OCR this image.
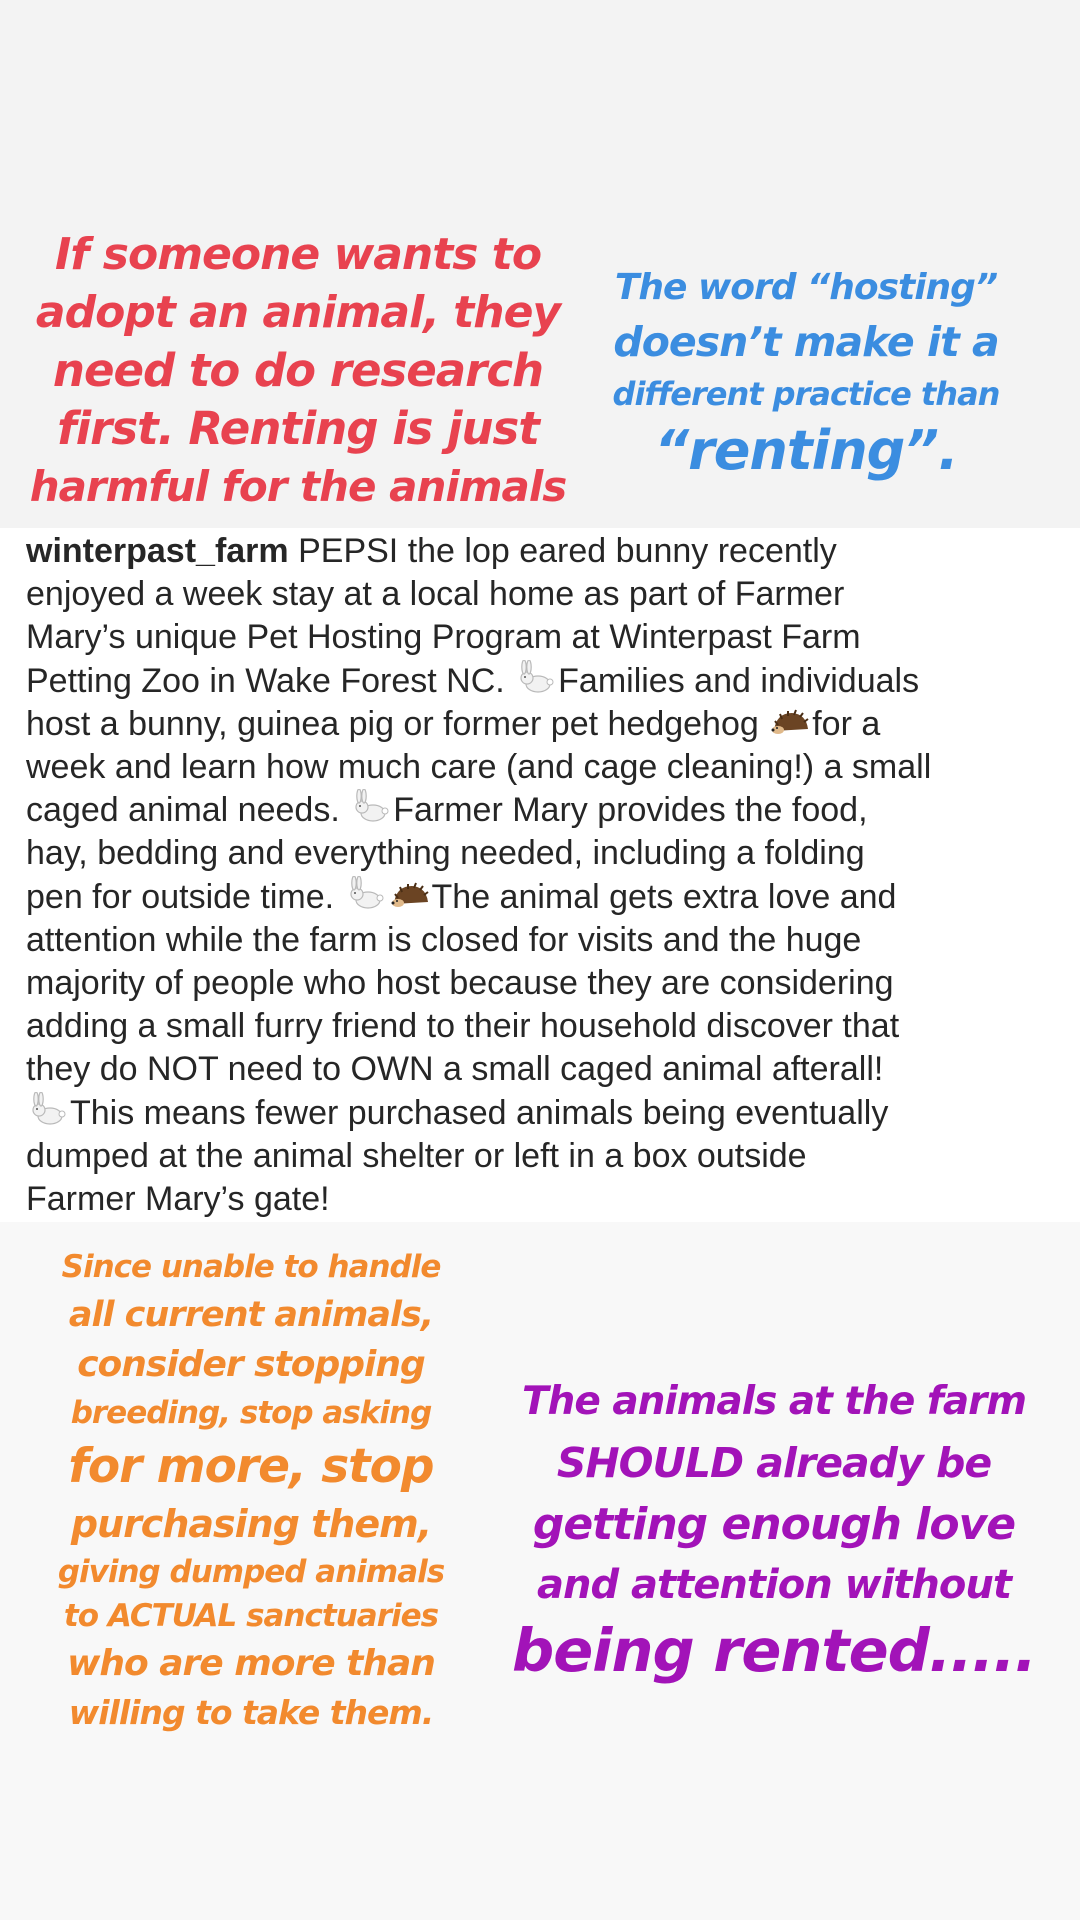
If someone wants to
adopt an animal, they
need to do research
first. Renting is just
harmful for the animals

The word “hosting”
doesn’t make it a
different practice than
“renting”.

winterpast_farm PEPSI the lop eared bunny recently
enjoyed a week stay at a local home as part of Farmer
Mary’s unique Pet Hosting Program at Winterpast Farm
Petting Zoo in Wake Forest NC.
Families and individuals
host a bunny, guinea pig or former pet hedgehog
for a
week and learn how much care (and cage cleaning!) a small
caged animal needs.
Farmer Mary provides the food,
hay, bedding and everything needed, including a folding
pen for outside time.	The animal gets extra love and
attention while the farm is closed for visits and the huge
majority of people who host because they are considering
adding a small furry friend to their household discover that
they do NOT need to OWN a small caged animal afterall!
This means fewer purchased animals being eventually
dumped at the animal shelter or left in a box outside
Farmer Mary’s gate!

Since unable to handle
all current animals,
consider stopping
breeding, stop asking
for more, stop
purchasing them,
giving dumped animals
to ACTUAL sanctuaries
who are more than
willing to take them.

The animals at the farm
SHOULD already be
getting enough love
and attention without
being rented.....
